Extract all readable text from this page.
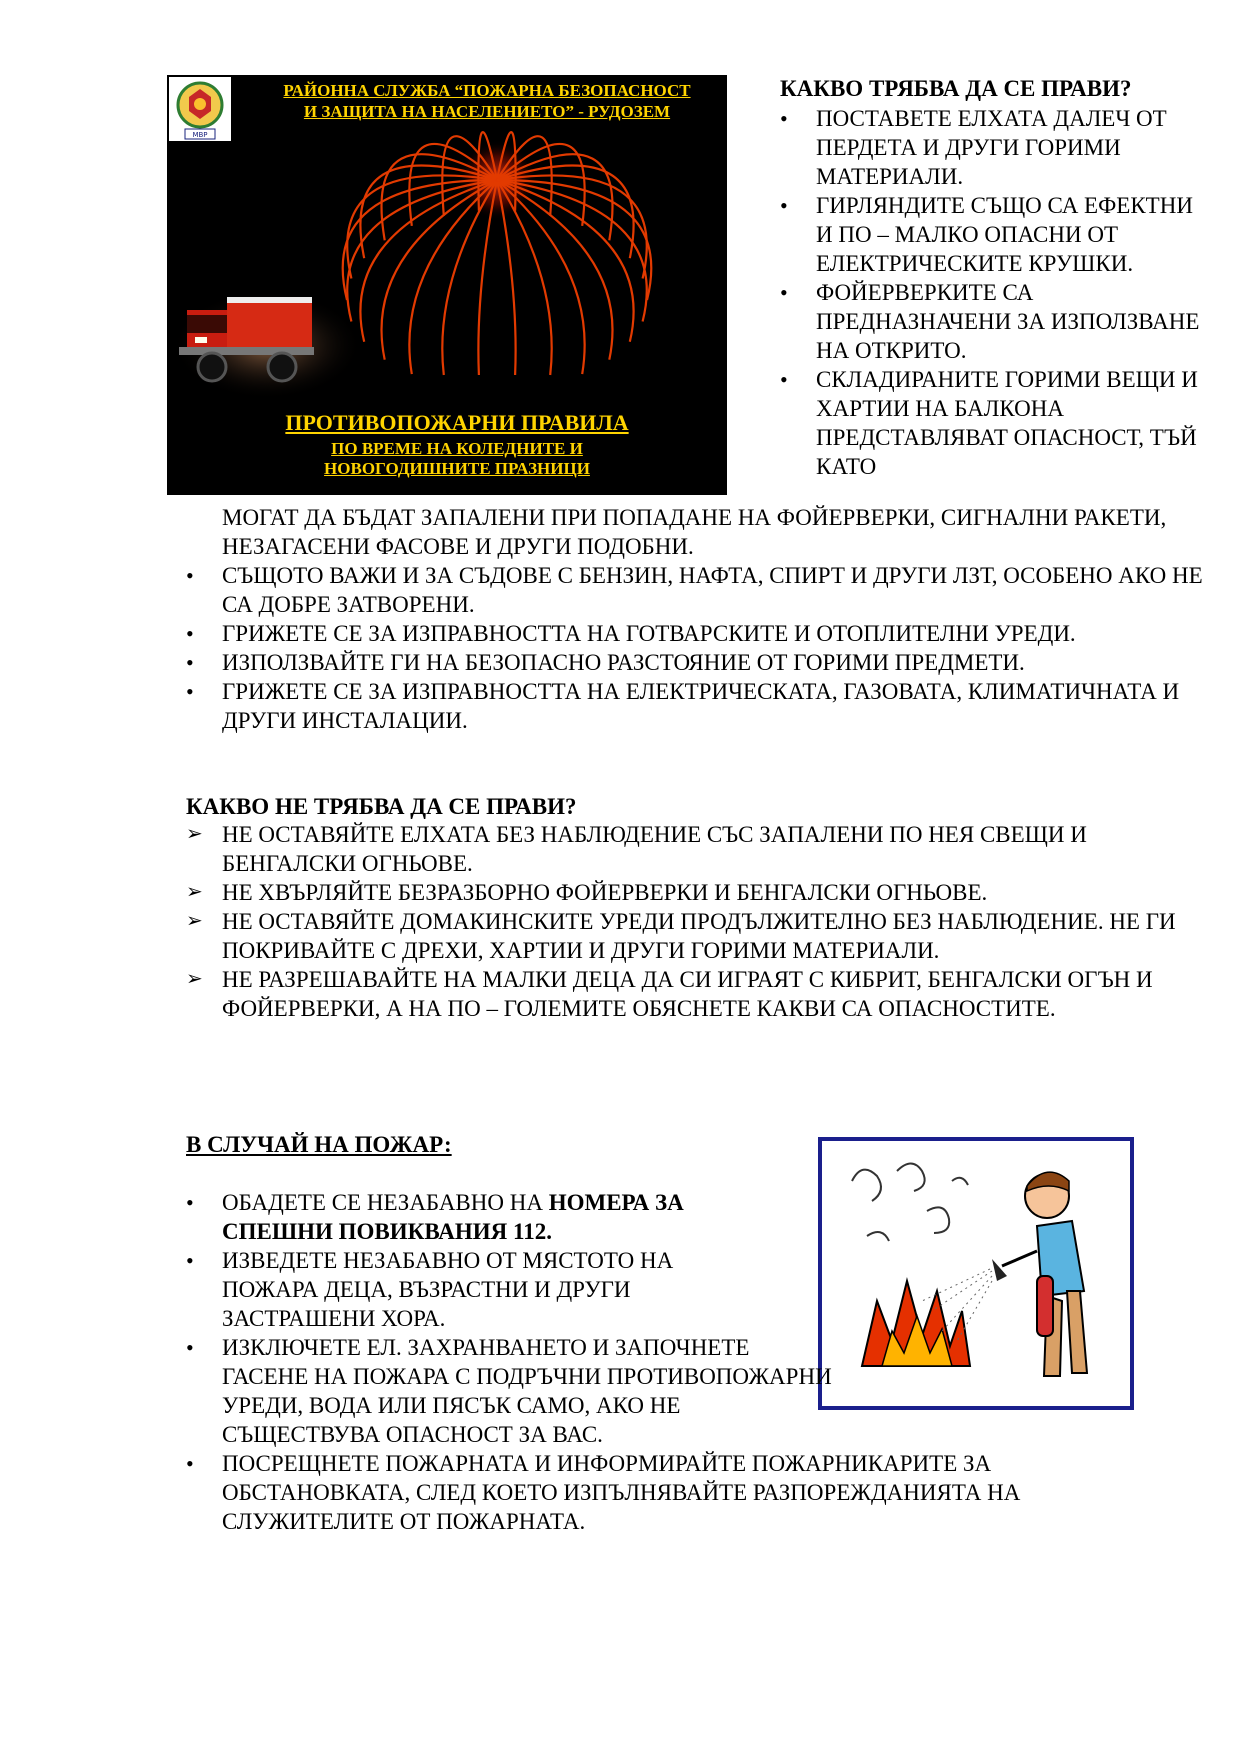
МВР
РАЙОННА СЛУЖБА “ПОЖАРНА БЕЗОПАСНОСТ
И ЗАЩИТА НА НАСЕЛЕНИЕТО” - РУДОЗЕМ
ПРОТИВОПОЖАРНИ ПРАВИЛА
ПО ВРЕМЕ НА КОЛЕДНИТЕ И
НОВОГОДИШНИТЕ ПРАЗНИЦИ
КАКВО ТРЯБВА ДА СЕ ПРАВИ?
• ПОСТАВЕТЕ ЕЛХАТА ДАЛЕЧ ОТ ПЕРДЕТА И ДРУГИ ГОРИМИ МАТЕРИАЛИ.
• ГИРЛЯНДИТЕ СЪЩО СА ЕФЕКТНИ И ПО – МАЛКО ОПАСНИ ОТ ЕЛЕКТРИЧЕСКИТЕ КРУШКИ.
• ФОЙЕРВЕРКИТЕ СА ПРЕДНАЗНАЧЕНИ ЗА ИЗПОЛЗВАНЕ НА ОТКРИТО.
• СКЛАДИРАНИТЕ ГОРИМИ ВЕЩИ И ХАРТИИ НА БАЛКОНА ПРЕДСТАВЛЯВАТ ОПАСНОСТ, ТЪЙ КАТО
МОГАТ ДА БЪДАТ ЗАПАЛЕНИ ПРИ ПОПАДАНЕ НА ФОЙЕРВЕРКИ, СИГНАЛНИ РАКЕТИ, НЕЗАГАСЕНИ ФАСОВЕ И ДРУГИ ПОДОБНИ.
• СЪЩОТО ВАЖИ И ЗА СЪДОВЕ С БЕНЗИН, НАФТА, СПИРТ И ДРУГИ ЛЗТ, ОСОБЕНО АКО НЕ СА ДОБРЕ ЗАТВОРЕНИ.
• ГРИЖЕТЕ СЕ ЗА ИЗПРАВНОСТТА НА ГОТВАРСКИТЕ И ОТОПЛИТЕЛНИ УРЕДИ.
• ИЗПОЛЗВАЙТЕ ГИ НА БЕЗОПАСНО РАЗСТОЯНИЕ ОТ ГОРИМИ ПРЕДМЕТИ.
• ГРИЖЕТЕ СЕ ЗА ИЗПРАВНОСТТА НА ЕЛЕКТРИЧЕСКАТА, ГАЗОВАТА, КЛИМАТИЧНАТА И ДРУГИ ИНСТАЛАЦИИ.
КАКВО НЕ ТРЯБВА ДА СЕ ПРАВИ?
➢ НЕ ОСТАВЯЙТЕ ЕЛХАТА БЕЗ НАБЛЮДЕНИЕ СЪС ЗАПАЛЕНИ ПО НЕЯ СВЕЩИ И БЕНГАЛСКИ ОГНЬОВЕ.
➢ НЕ ХВЪРЛЯЙТЕ БЕЗРАЗБОРНО ФОЙЕРВЕРКИ И БЕНГАЛСКИ ОГНЬОВЕ.
➢ НЕ ОСТАВЯЙТЕ ДОМАКИНСКИТЕ УРЕДИ ПРОДЪЛЖИТЕЛНО БЕЗ НАБЛЮДЕНИЕ. НЕ ГИ ПОКРИВАЙТЕ С ДРЕХИ, ХАРТИИ И ДРУГИ ГОРИМИ МАТЕРИАЛИ.
➢ НЕ РАЗРЕШАВАЙТЕ НА МАЛКИ ДЕЦА ДА СИ ИГРАЯТ С КИБРИТ, БЕНГАЛСКИ ОГЪН И ФОЙЕРВЕРКИ, А НА ПО – ГОЛЕМИТЕ ОБЯСНЕТЕ КАКВИ СА ОПАСНОСТИТЕ.
В СЛУЧАЙ НА ПОЖАР:
• ОБАДЕТЕ СЕ НЕЗАБАВНО НА НОМЕРА ЗА СПЕШНИ ПОВИКВАНИЯ 112.
• ИЗВЕДЕТЕ НЕЗАБАВНО ОТ МЯСТОТО НА ПОЖАРА ДЕЦА, ВЪЗРАСТНИ И ДРУГИ ЗАСТРАШЕНИ ХОРА.
• ИЗКЛЮЧЕТЕ ЕЛ. ЗАХРАНВАНЕТО И ЗАПОЧНЕТЕ ГАСЕНЕ НА ПОЖАРА С ПОДРЪЧНИ ПРОТИВОПОЖАРНИ УРЕДИ, ВОДА ИЛИ ПЯСЪК САМО, АКО НЕ СЪЩЕСТВУВА ОПАСНОСТ ЗА ВАС.
• ПОСРЕЩНЕТЕ ПОЖАРНАТА И ИНФОРМИРАЙТЕ ПОЖАРНИКАРИТЕ ЗА ОБСТАНОВКАТА, СЛЕД КОЕТО ИЗПЪЛНЯВАЙТЕ РАЗПОРЕЖДАНИЯТА НА СЛУЖИТЕЛИТЕ ОТ ПОЖАРНАТА.
